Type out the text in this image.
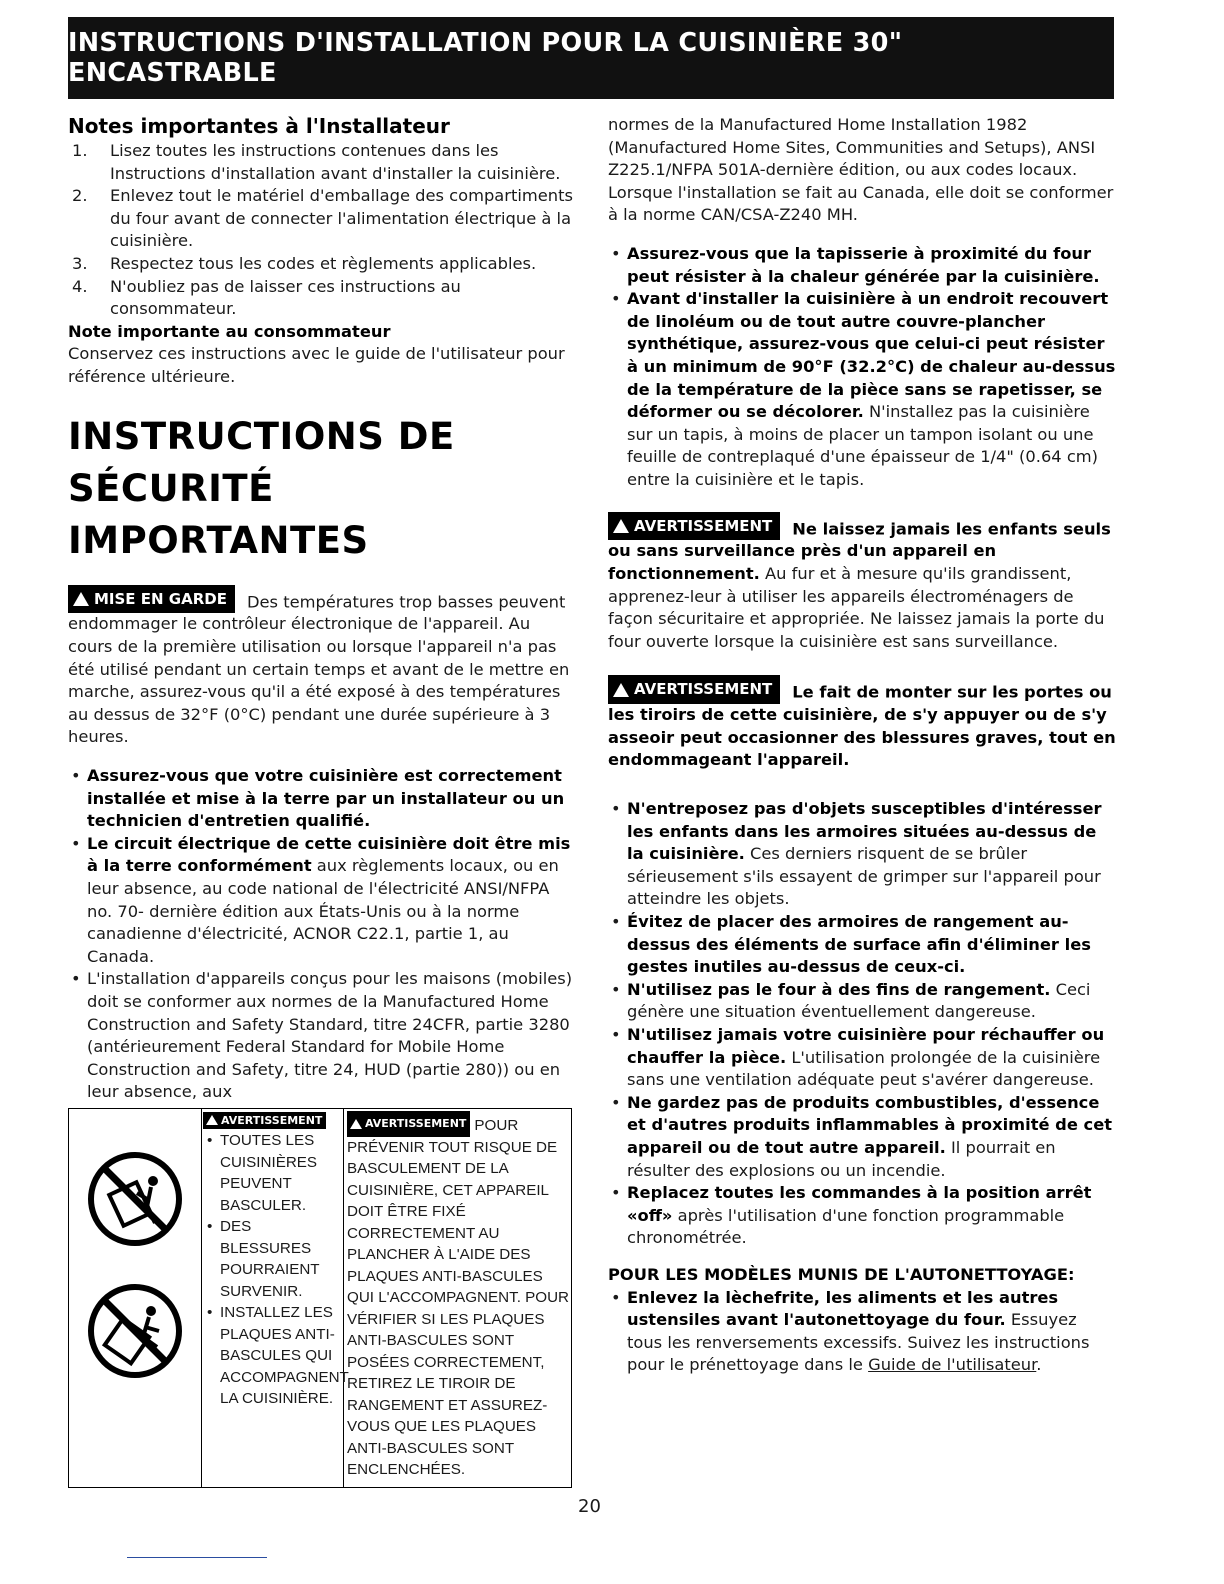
INSTRUCTIONS D'INSTALLATION POUR LA CUISINIÈRE 30" ENCASTRABLE
Notes importantes à l'Installateur
1.	Lisez toutes les instructions contenues dans les Instructions d'installation avant d'installer la cuisinière.
2.	Enlevez tout le matériel d'emballage des compartiments du four avant de connecter l'alimentation électrique à la cuisinière.
3.	Respectez tous les codes et règlements applicables.
4.	N'oubliez pas de laisser ces instructions au consommateur.

Note importante au consommateur

Conservez ces instructions avec le guide de l'utilisateur pour référence ultérieure.

INSTRUCTIONS DE
SÉCURITÉ IMPORTANTES

MISE EN GARDE Des températures trop basses peuvent endommager le contrôleur électronique de l'appareil. Au cours de la première utilisation ou lorsque l'appareil n'a pas été utilisé pendant un certain temps et avant de le mettre en marche, assurez-vous qu'il a été exposé à des températures au dessus de 32°F (0°C) pendant une durée supérieure à 3 heures.

• Assurez-vous que votre cuisinière est correctement installée et mise à la terre par un installateur ou un technicien d'entretien qualifié.
• Le circuit électrique de cette cuisinière doit être mis à la terre conformément aux règlements locaux, ou en leur absence, au code national de l'électricité ANSI/NFPA no. 70- dernière édition aux États-Unis ou à la norme canadienne d'électricité, ACNOR C22.1, partie 1, au Canada.
• L'installation d'appareils conçus pour les maisons (mobiles) doit se conformer aux normes de la Manufactured Home Construction and Safety Standard, titre 24CFR, partie 3280 (antérieurement Federal Standard for Mobile Home Construction and Safety, titre 24, HUD (partie 280)) ou en leur absence, aux
AVERTISSEMENT
• TOUTES LES CUISINIÈRES PEUVENT BASCULER.
• DES BLESSURES POURRAIENT SURVENIR.
• INSTALLEZ LES PLAQUES ANTI-BASCULES QUI ACCOMPAGNENT LA CUISINIÈRE.

AVERTISSEMENT POUR

PRÉVENIR TOUT RISQUE DE BASCULEMENT DE LA CUISINIÈRE, CET APPAREIL DOIT ÊTRE FIXÉ CORRECTEMENT AU PLANCHER À L'AIDE DES PLAQUES ANTI-BASCULES QUI L'ACCOMPAGNENT. POUR VÉRIFIER SI LES PLAQUES ANTI-BASCULES SONT POSÉES CORRECTEMENT, RETIREZ LE TIROIR DE RANGEMENT ET ASSUREZ-VOUS QUE LES PLAQUES ANTI-BASCULES SONT ENCLENCHÉES.

normes de la Manufactured Home Installation 1982 (Manufactured Home Sites, Communities and Setups), ANSI Z225.1/NFPA 501A-dernière édition, ou aux codes locaux. Lorsque l'installation se fait au Canada, elle doit se conformer à la norme CAN/CSA-Z240 MH.

• Assurez-vous que la tapisserie à proximité du four peut résister à la chaleur générée par la cuisinière.
• Avant d'installer la cuisinière à un endroit recouvert de linoléum ou de tout autre couvre-plancher synthétique, assurez-vous que celui-ci peut résister à un minimum de 90°F (32.2°C) de chaleur au-dessus de la température de la pièce sans se rapetisser, se déformer ou se décolorer. N'installez pas la cuisinière sur un tapis, à moins de placer un tampon isolant ou une feuille de contreplaqué d'une épaisseur de 1/4" (0.64 cm) entre la cuisinière et le tapis.

AVERTISSEMENT Ne laissez jamais les enfants seuls ou sans surveillance près d'un appareil en fonctionnement. Au fur et à mesure qu'ils grandissent, apprenez-leur à utiliser les appareils électroménagers de façon sécuritaire et appropriée. Ne laissez jamais la porte du four ouverte lorsque la cuisinière est sans surveillance.

AVERTISSEMENT Le fait de monter sur les portes ou les tiroirs de cette cuisinière, de s'y appuyer ou de s'y asseoir peut occasionner des blessures graves, tout en endommageant l'appareil.

• N'entreposez pas d'objets susceptibles d'intéresser les enfants dans les armoires situées au-dessus de la cuisinière. Ces derniers risquent de se brûler sérieusement s'ils essayent de grimper sur l'appareil pour atteindre les objets.
• Évitez de placer des armoires de rangement au-dessus des éléments de surface afin d'éliminer les gestes inutiles au-dessus de ceux-ci.
• N'utilisez pas le four à des fins de rangement. Ceci génère une situation éventuellement dangereuse.
• N'utilisez jamais votre cuisinière pour réchauffer ou chauffer la pièce. L'utilisation prolongée de la cuisinière sans une ventilation adéquate peut s'avérer dangereuse.
• Ne gardez pas de produits combustibles, d'essence et d'autres produits inflammables à proximité de cet appareil ou de tout autre appareil. Il pourrait en résulter des explosions ou un incendie.
• Replacez toutes les commandes à la position arrêt «off» après l'utilisation d'une fonction programmable chronométrée.

POUR LES MODÈLES MUNIS DE L'AUTONETTOYAGE:

• Enlevez la lèchefrite, les aliments et les autres ustensiles avant l'autonettoyage du four. Essuyez tous les renversements excessifs. Suivez les instructions pour le prénettoyage dans le Guide de l'utilisateur.
20
